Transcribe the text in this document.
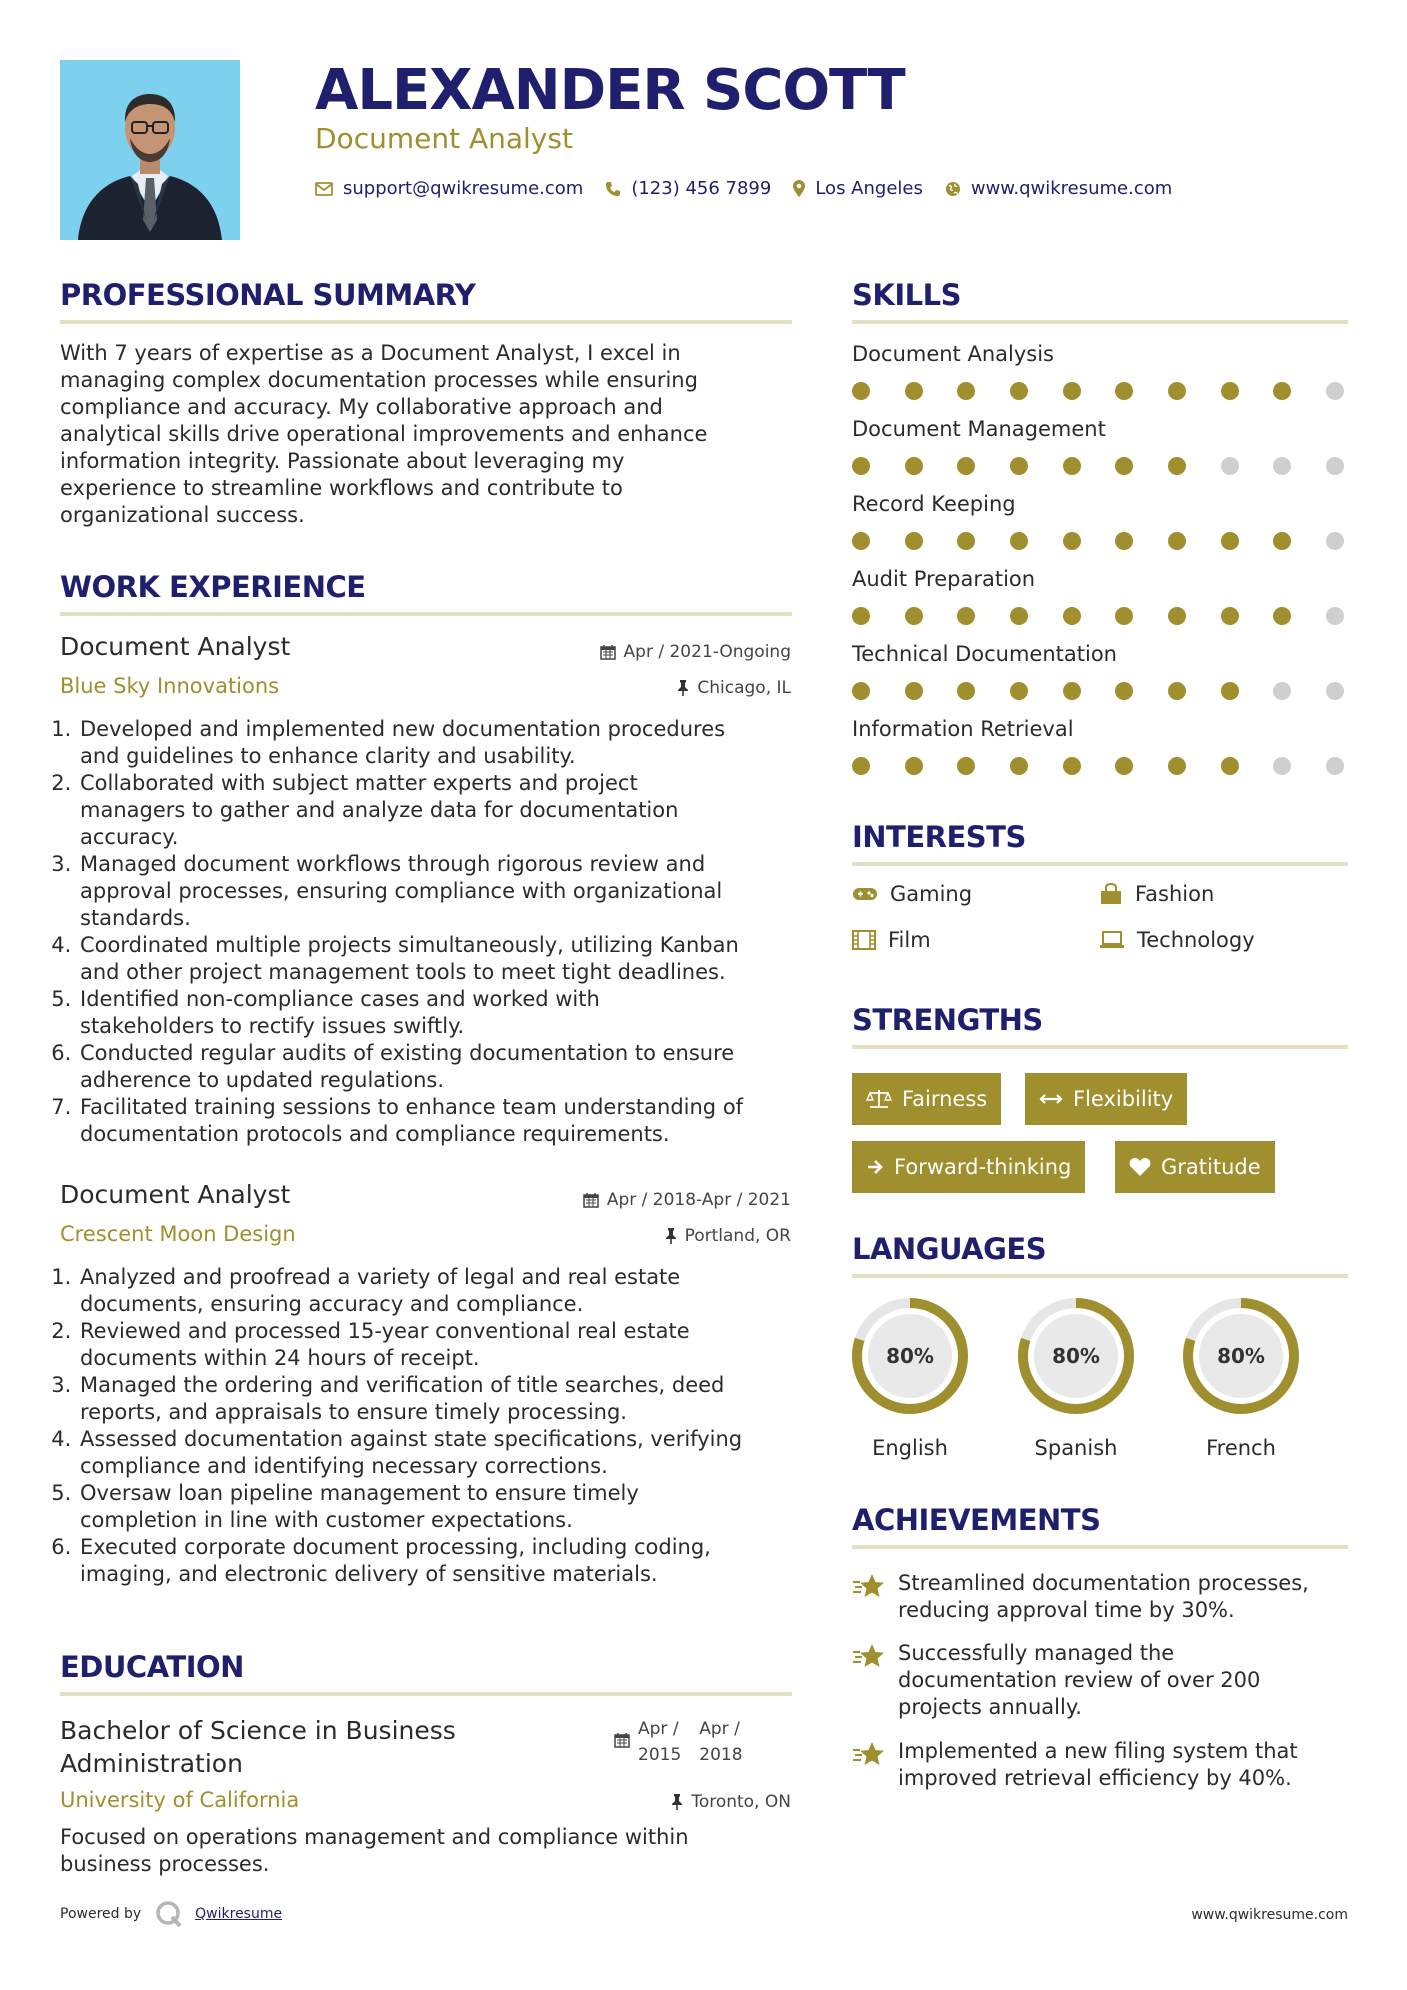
ALEXANDER SCOTT
Document Analyst
support@qwikresume.com	(123) 456 7899 Los Angeles	www.qwikresume.com
PROFESSIONAL SUMMARY
With 7 years of expertise as a Document Analyst, I excel in
managing complex documentation processes while ensuring
compliance and accuracy. My collaborative approach and
analytical skills drive operational improvements and enhance
information integrity. Passionate about leveraging my
experience to streamline workflows and contribute to
organizational success.
WORK EXPERIENCE
Document Analyst	Apr / 2021-Ongoing
Blue Sky Innovations	Chicago, IL
1. Developed and implemented new documentation procedures
and guidelines to enhance clarity and usability.
2. Collaborated with subject matter experts and project
managers to gather and analyze data for documentation
accuracy.
3. Managed document workflows through rigorous review and
approval processes, ensuring compliance with organizational
standards.
4. Coordinated multiple projects simultaneously, utilizing Kanban
and other project management tools to meet tight deadlines.
5. Identified non-compliance cases and worked with
stakeholders to rectify issues swiftly.
6. Conducted regular audits of existing documentation to ensure
adherence to updated regulations.
7. Facilitated training sessions to enhance team understanding of
documentation protocols and compliance requirements.
Document Analyst	Apr / 2018-Apr / 2021
Crescent Moon Design	Portland, OR
1. Analyzed and proofread a variety of legal and real estate
documents, ensuring accuracy and compliance.
2. Reviewed and processed 15-year conventional real estate
documents within 24 hours of receipt.
3. Managed the ordering and verification of title searches, deed
reports, and appraisals to ensure timely processing.
4. Assessed documentation against state specifications, verifying
compliance and identifying necessary corrections.
5. Oversaw loan pipeline management to ensure timely
completion in line with customer expectations.
6. Executed corporate document processing, including coding,
imaging, and electronic delivery of sensitive materials.
EDUCATION
Bachelor of Science in Business
Administration
Apr /
2015
Apr /
2018
University of California	Toronto, ON
Focused on operations management and compliance within
business processes.
SKILLS
Document Analysis
Document Management
Record Keeping
Audit Preparation
Technical Documentation
Information Retrieval
INTERESTS
Gaming	Fashion
Film	Technology
STRENGTHS
Fairness	Flexibility
Forward-thinking	Gratitude
LANGUAGES
80%
English
80%
Spanish
80%
French
ACHIEVEMENTS
Streamlined documentation processes,
reducing approval time by 30%.
Successfully managed the
documentation review of over 200
projects annually.
Implemented a new filing system that
improved retrieval efficiency by 40%.
Powered by	Qwikresume	www.qwikresume.com
